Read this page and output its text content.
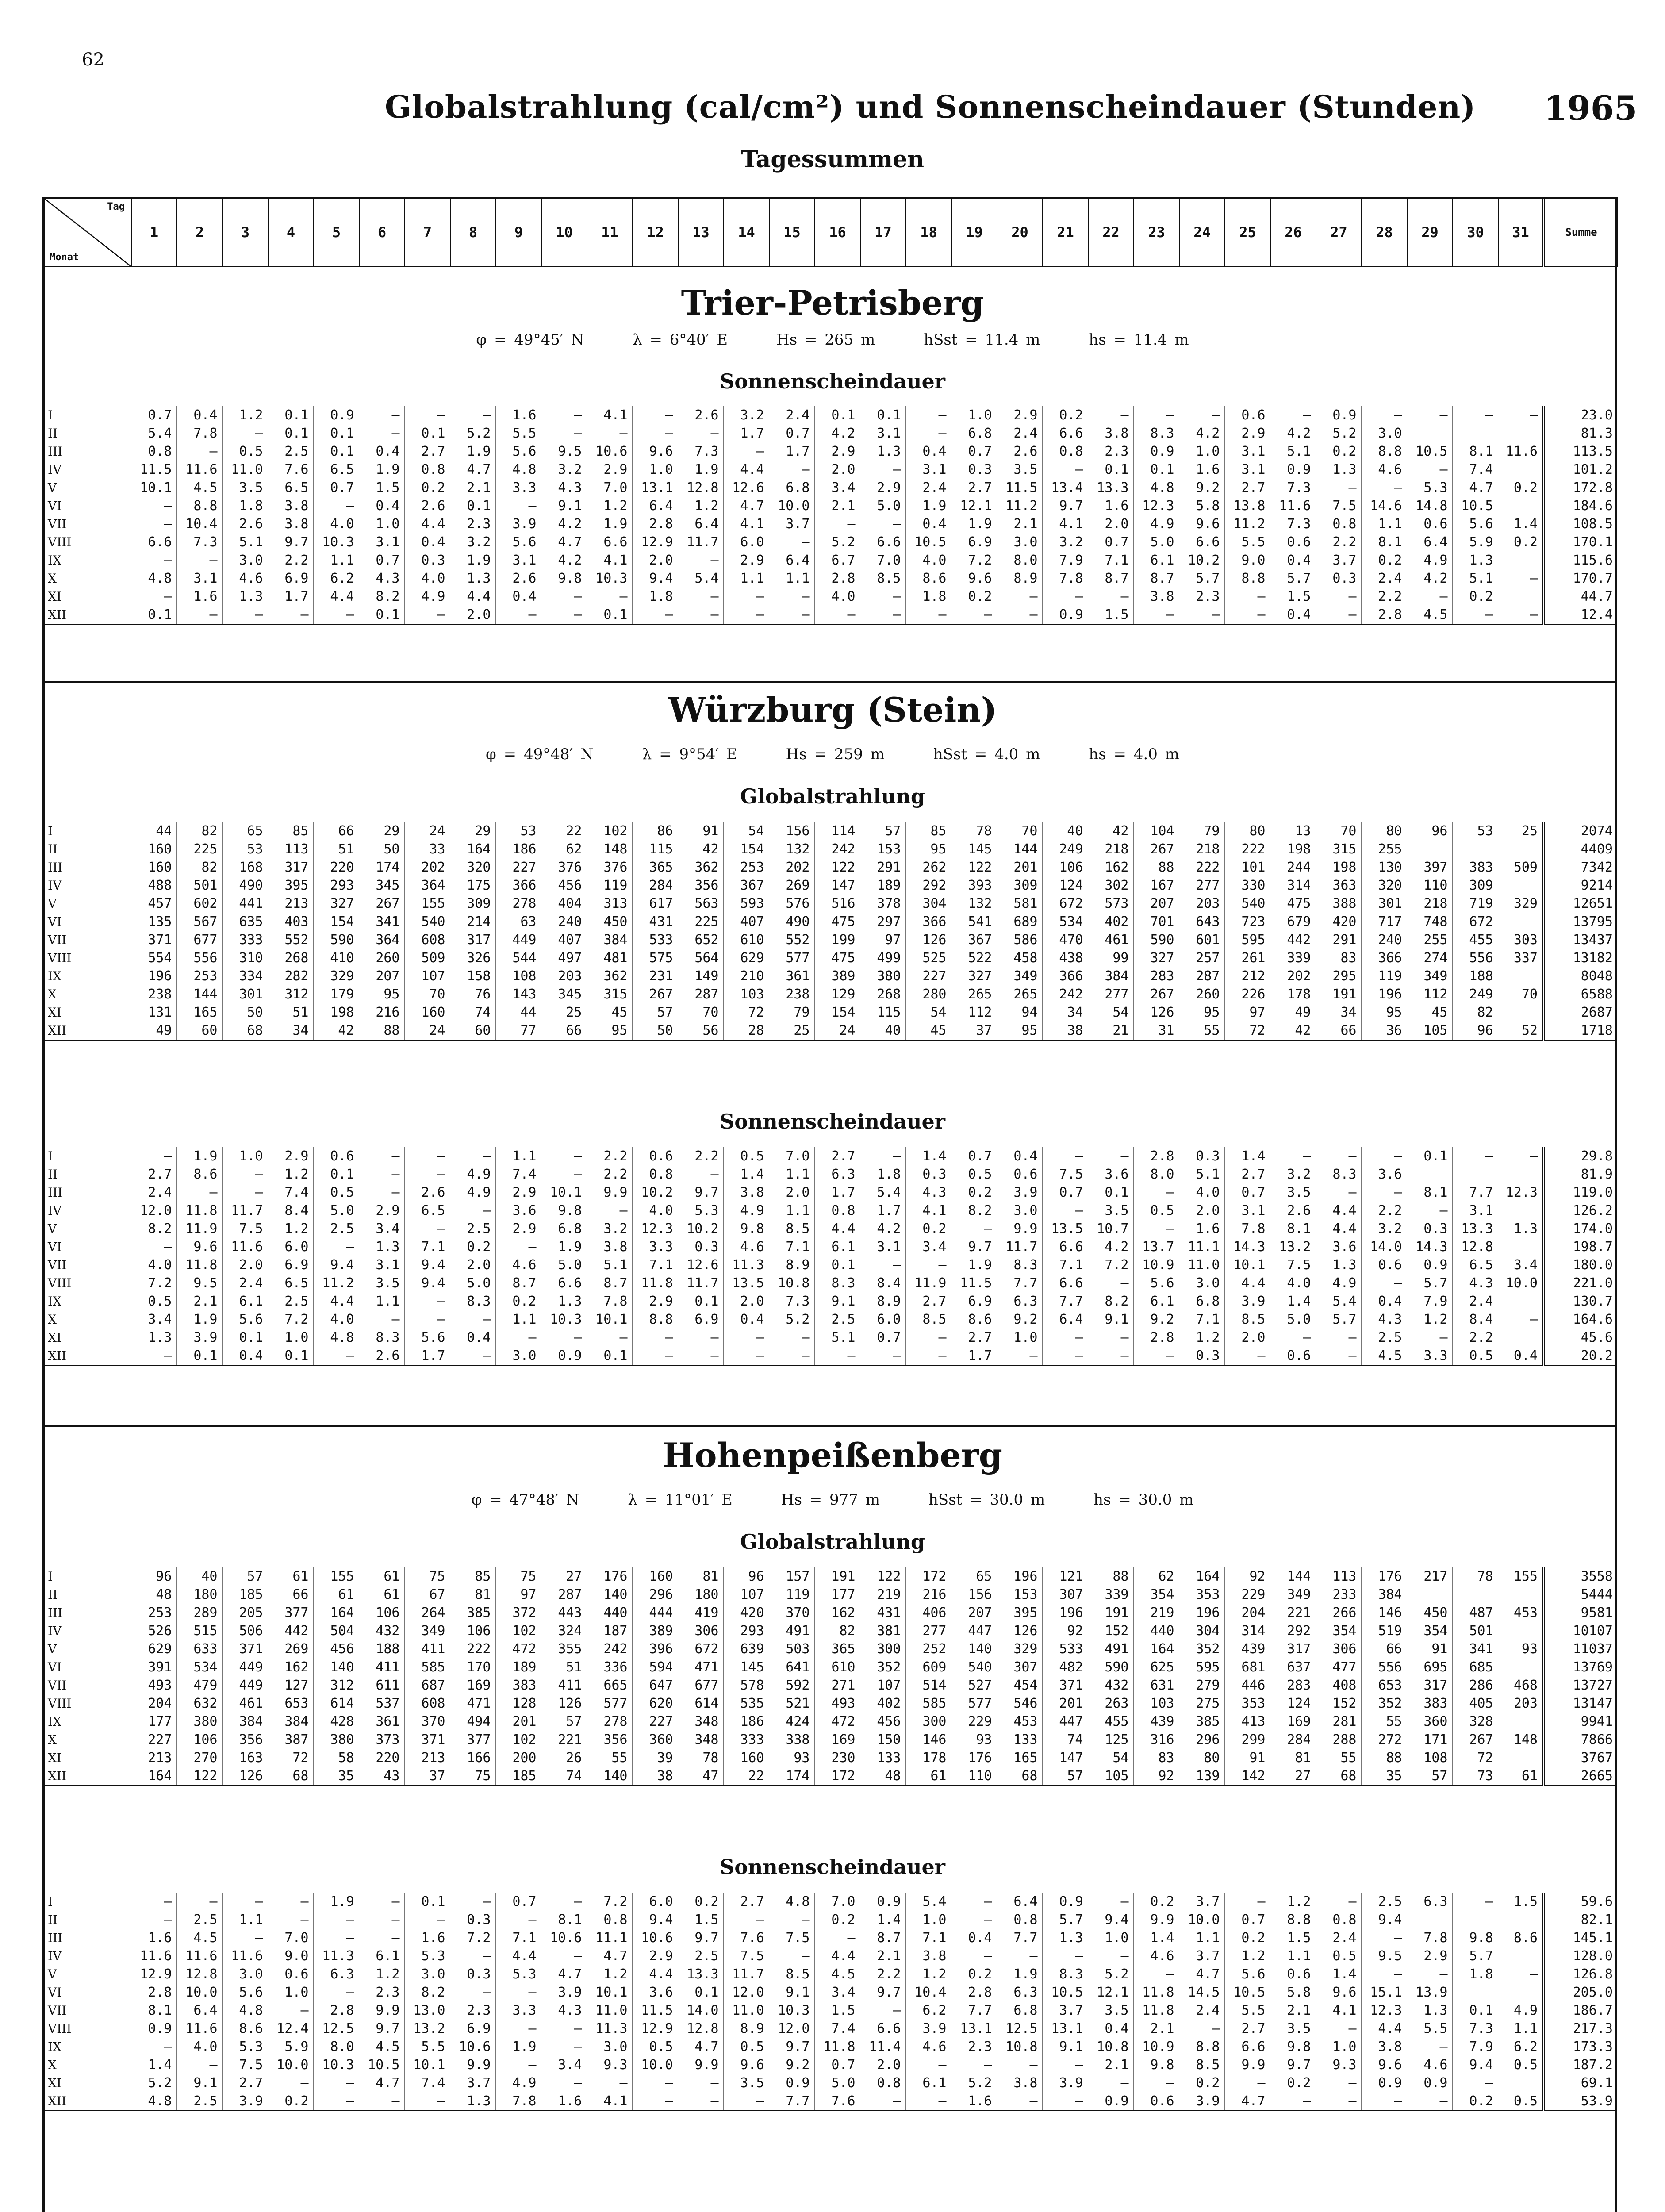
62
Globalstrahlung (cal/cm²) und Sonnenscheindauer (Stunden) 1965
Tagessummen
Tag
Monat
	1	2	3	4	5	6	7	8	9	10	11	12	13	14	15	16	17	18	19	20	21	22	23	24	25	26	27	28	29	30	31	Summe
Trier-Petrisberg
φ = 49°45′ N	λ = 6°40′ E	Hs = 265 m	hSst = 11.4 m	hs = 11.4 m
Sonnenscheindauer
I	0.7	0.4	1.2	0.1	0.9	–	–	–	1.6	–	4.1	–	2.6	3.2	2.4	0.1	0.1	–	1.0	2.9	0.2	–	–	–	0.6	–	0.9	–	–	–	–	23.0
II	5.4	7.8	–	0.1	0.1	–	0.1	5.2	5.5	–	–	–	–	1.7	0.7	4.2	3.1	–	6.8	2.4	6.6	3.8	8.3	4.2	2.9	4.2	5.2	3.0				81.3
III	0.8	–	0.5	2.5	0.1	0.4	2.7	1.9	5.6	9.5	10.6	9.6	7.3	–	1.7	2.9	1.3	0.4	0.7	2.6	0.8	2.3	0.9	1.0	3.1	5.1	0.2	8.8	10.5	8.1	11.6	113.5
IV	11.5	11.6	11.0	7.6	6.5	1.9	0.8	4.7	4.8	3.2	2.9	1.0	1.9	4.4	–	2.0	–	3.1	0.3	3.5	–	0.1	0.1	1.6	3.1	0.9	1.3	4.6	–	7.4		101.2
V	10.1	4.5	3.5	6.5	0.7	1.5	0.2	2.1	3.3	4.3	7.0	13.1	12.8	12.6	6.8	3.4	2.9	2.4	2.7	11.5	13.4	13.3	4.8	9.2	2.7	7.3	–	–	5.3	4.7	0.2	172.8
VI	–	8.8	1.8	3.8	–	0.4	2.6	0.1	–	9.1	1.2	6.4	1.2	4.7	10.0	2.1	5.0	1.9	12.1	11.2	9.7	1.6	12.3	5.8	13.8	11.6	7.5	14.6	14.8	10.5		184.6
VII	–	10.4	2.6	3.8	4.0	1.0	4.4	2.3	3.9	4.2	1.9	2.8	6.4	4.1	3.7	–	–	0.4	1.9	2.1	4.1	2.0	4.9	9.6	11.2	7.3	0.8	1.1	0.6	5.6	1.4	108.5
VIII	6.6	7.3	5.1	9.7	10.3	3.1	0.4	3.2	5.6	4.7	6.6	12.9	11.7	6.0	–	5.2	6.6	10.5	6.9	3.0	3.2	0.7	5.0	6.6	5.5	0.6	2.2	8.1	6.4	5.9	0.2	170.1
IX	–	–	3.0	2.2	1.1	0.7	0.3	1.9	3.1	4.2	4.1	2.0	–	2.9	6.4	6.7	7.0	4.0	7.2	8.0	7.9	7.1	6.1	10.2	9.0	0.4	3.7	0.2	4.9	1.3		115.6
X	4.8	3.1	4.6	6.9	6.2	4.3	4.0	1.3	2.6	9.8	10.3	9.4	5.4	1.1	1.1	2.8	8.5	8.6	9.6	8.9	7.8	8.7	8.7	5.7	8.8	5.7	0.3	2.4	4.2	5.1	–	170.7
XI	–	1.6	1.3	1.7	4.4	8.2	4.9	4.4	0.4	–	–	1.8	–	–	–	4.0	–	1.8	0.2	–	–	–	3.8	2.3	–	1.5	–	2.2	–	0.2		44.7
XII	0.1	–	–	–	–	0.1	–	2.0	–	–	0.1	–	–	–	–	–	–	–	–	–	0.9	1.5	–	–	–	0.4	–	2.8	4.5	–	–	12.4
Würzburg (Stein)
φ = 49°48′ N	λ = 9°54′ E	Hs = 259 m	hSst = 4.0 m	hs = 4.0 m
Globalstrahlung
I	44	82	65	85	66	29	24	29	53	22	102	86	91	54	156	114	57	85	78	70	40	42	104	79	80	13	70	80	96	53	25	2074
II	160	225	53	113	51	50	33	164	186	62	148	115	42	154	132	242	153	95	145	144	249	218	267	218	222	198	315	255				4409
III	160	82	168	317	220	174	202	320	227	376	376	365	362	253	202	122	291	262	122	201	106	162	88	222	101	244	198	130	397	383	509	7342
IV	488	501	490	395	293	345	364	175	366	456	119	284	356	367	269	147	189	292	393	309	124	302	167	277	330	314	363	320	110	309		9214
V	457	602	441	213	327	267	155	309	278	404	313	617	563	593	576	516	378	304	132	581	672	573	207	203	540	475	388	301	218	719	329	12651
VI	135	567	635	403	154	341	540	214	63	240	450	431	225	407	490	475	297	366	541	689	534	402	701	643	723	679	420	717	748	672		13795
VII	371	677	333	552	590	364	608	317	449	407	384	533	652	610	552	199	97	126	367	586	470	461	590	601	595	442	291	240	255	455	303	13437
VIII	554	556	310	268	410	260	509	326	544	497	481	575	564	629	577	475	499	525	522	458	438	99	327	257	261	339	83	366	274	556	337	13182
IX	196	253	334	282	329	207	107	158	108	203	362	231	149	210	361	389	380	227	327	349	366	384	283	287	212	202	295	119	349	188		8048
X	238	144	301	312	179	95	70	76	143	345	315	267	287	103	238	129	268	280	265	265	242	277	267	260	226	178	191	196	112	249	70	6588
XI	131	165	50	51	198	216	160	74	44	25	45	57	70	72	79	154	115	54	112	94	34	54	126	95	97	49	34	95	45	82		2687
XII	49	60	68	34	42	88	24	60	77	66	95	50	56	28	25	24	40	45	37	95	38	21	31	55	72	42	66	36	105	96	52	1718
Sonnenscheindauer
I	–	1.9	1.0	2.9	0.6	–	–	–	1.1	–	2.2	0.6	2.2	0.5	7.0	2.7	–	1.4	0.7	0.4	–	–	2.8	0.3	1.4	–	–	–	0.1	–	–	29.8
II	2.7	8.6	–	1.2	0.1	–	–	4.9	7.4	–	2.2	0.8	–	1.4	1.1	6.3	1.8	0.3	0.5	0.6	7.5	3.6	8.0	5.1	2.7	3.2	8.3	3.6				81.9
III	2.4	–	–	7.4	0.5	–	2.6	4.9	2.9	10.1	9.9	10.2	9.7	3.8	2.0	1.7	5.4	4.3	0.2	3.9	0.7	0.1	–	4.0	0.7	3.5	–	–	8.1	7.7	12.3	119.0
IV	12.0	11.8	11.7	8.4	5.0	2.9	6.5	–	3.6	9.8	–	4.0	5.3	4.9	1.1	0.8	1.7	4.1	8.2	3.0	–	3.5	0.5	2.0	3.1	2.6	4.4	2.2	–	3.1		126.2
V	8.2	11.9	7.5	1.2	2.5	3.4	–	2.5	2.9	6.8	3.2	12.3	10.2	9.8	8.5	4.4	4.2	0.2	–	9.9	13.5	10.7	–	1.6	7.8	8.1	4.4	3.2	0.3	13.3	1.3	174.0
VI	–	9.6	11.6	6.0	–	1.3	7.1	0.2	–	1.9	3.8	3.3	0.3	4.6	7.1	6.1	3.1	3.4	9.7	11.7	6.6	4.2	13.7	11.1	14.3	13.2	3.6	14.0	14.3	12.8		198.7
VII	4.0	11.8	2.0	6.9	9.4	3.1	9.4	2.0	4.6	5.0	5.1	7.1	12.6	11.3	8.9	0.1	–	–	1.9	8.3	7.1	7.2	10.9	11.0	10.1	7.5	1.3	0.6	0.9	6.5	3.4	180.0
VIII	7.2	9.5	2.4	6.5	11.2	3.5	9.4	5.0	8.7	6.6	8.7	11.8	11.7	13.5	10.8	8.3	8.4	11.9	11.5	7.7	6.6	–	5.6	3.0	4.4	4.0	4.9	–	5.7	4.3	10.0	221.0
IX	0.5	2.1	6.1	2.5	4.4	1.1	–	8.3	0.2	1.3	7.8	2.9	0.1	2.0	7.3	9.1	8.9	2.7	6.9	6.3	7.7	8.2	6.1	6.8	3.9	1.4	5.4	0.4	7.9	2.4		130.7
X	3.4	1.9	5.6	7.2	4.0	–	–	–	1.1	10.3	10.1	8.8	6.9	0.4	5.2	2.5	6.0	8.5	8.6	9.2	6.4	9.1	9.2	7.1	8.5	5.0	5.7	4.3	1.2	8.4	–	164.6
XI	1.3	3.9	0.1	1.0	4.8	8.3	5.6	0.4	–	–	–	–	–	–	–	5.1	0.7	–	2.7	1.0	–	–	2.8	1.2	2.0	–	–	2.5	–	2.2		45.6
XII	–	0.1	0.4	0.1	–	2.6	1.7	–	3.0	0.9	0.1	–	–	–	–	–	–	–	1.7	–	–	–	–	0.3	–	0.6	–	4.5	3.3	0.5	0.4	20.2
Hohenpeißenberg
φ = 47°48′ N	λ = 11°01′ E	Hs = 977 m	hSst = 30.0 m	hs = 30.0 m
Globalstrahlung
I	96	40	57	61	155	61	75	85	75	27	176	160	81	96	157	191	122	172	65	196	121	88	62	164	92	144	113	176	217	78	155	3558
II	48	180	185	66	61	61	67	81	97	287	140	296	180	107	119	177	219	216	156	153	307	339	354	353	229	349	233	384				5444
III	253	289	205	377	164	106	264	385	372	443	440	444	419	420	370	162	431	406	207	395	196	191	219	196	204	221	266	146	450	487	453	9581
IV	526	515	506	442	504	432	349	106	102	324	187	389	306	293	491	82	381	277	447	126	92	152	440	304	314	292	354	519	354	501		10107
V	629	633	371	269	456	188	411	222	472	355	242	396	672	639	503	365	300	252	140	329	533	491	164	352	439	317	306	66	91	341	93	11037
VI	391	534	449	162	140	411	585	170	189	51	336	594	471	145	641	610	352	609	540	307	482	590	625	595	681	637	477	556	695	685		13769
VII	493	479	449	127	312	611	687	169	383	411	665	647	677	578	592	271	107	514	527	454	371	432	631	279	446	283	408	653	317	286	468	13727
VIII	204	632	461	653	614	537	608	471	128	126	577	620	614	535	521	493	402	585	577	546	201	263	103	275	353	124	152	352	383	405	203	13147
IX	177	380	384	384	428	361	370	494	201	57	278	227	348	186	424	472	456	300	229	453	447	455	439	385	413	169	281	55	360	328		9941
X	227	106	356	387	380	373	371	377	102	221	356	360	348	333	338	169	150	146	93	133	74	125	316	296	299	284	288	272	171	267	148	7866
XI	213	270	163	72	58	220	213	166	200	26	55	39	78	160	93	230	133	178	176	165	147	54	83	80	91	81	55	88	108	72		3767
XII	164	122	126	68	35	43	37	75	185	74	140	38	47	22	174	172	48	61	110	68	57	105	92	139	142	27	68	35	57	73	61	2665
Sonnenscheindauer
I	–	–	–	–	1.9	–	0.1	–	0.7	–	7.2	6.0	0.2	2.7	4.8	7.0	0.9	5.4	–	6.4	0.9	–	0.2	3.7	–	1.2	–	2.5	6.3	–	1.5	59.6
II	–	2.5	1.1	–	–	–	–	0.3	–	8.1	0.8	9.4	1.5	–	–	0.2	1.4	1.0	–	0.8	5.7	9.4	9.9	10.0	0.7	8.8	0.8	9.4				82.1
III	1.6	4.5	–	7.0	–	–	1.6	7.2	7.1	10.6	11.1	10.6	9.7	7.6	7.5	–	8.7	7.1	0.4	7.7	1.3	1.0	1.4	1.1	0.2	1.5	2.4	–	7.8	9.8	8.6	145.1
IV	11.6	11.6	11.6	9.0	11.3	6.1	5.3	–	4.4	–	4.7	2.9	2.5	7.5	–	4.4	2.1	3.8	–	–	–	–	4.6	3.7	1.2	1.1	0.5	9.5	2.9	5.7		128.0
V	12.9	12.8	3.0	0.6	6.3	1.2	3.0	0.3	5.3	4.7	1.2	4.4	13.3	11.7	8.5	4.5	2.2	1.2	0.2	1.9	8.3	5.2	–	4.7	5.6	0.6	1.4	–	–	1.8	–	126.8
VI	2.8	10.0	5.6	1.0	–	2.3	8.2	–	–	3.9	10.1	3.6	0.1	12.0	9.1	3.4	9.7	10.4	2.8	6.3	10.5	12.1	11.8	14.5	10.5	5.8	9.6	15.1	13.9			205.0
VII	8.1	6.4	4.8	–	2.8	9.9	13.0	2.3	3.3	4.3	11.0	11.5	14.0	11.0	10.3	1.5	–	6.2	7.7	6.8	3.7	3.5	11.8	2.4	5.5	2.1	4.1	12.3	1.3	0.1	4.9	186.7
VIII	0.9	11.6	8.6	12.4	12.5	9.7	13.2	6.9	–	–	11.3	12.9	12.8	8.9	12.0	7.4	6.6	3.9	13.1	12.5	13.1	0.4	2.1	–	2.7	3.5	–	4.4	5.5	7.3	1.1	217.3
IX	–	4.0	5.3	5.9	8.0	4.5	5.5	10.6	1.9	–	3.0	0.5	4.7	0.5	9.7	11.8	11.4	4.6	2.3	10.8	9.1	10.8	10.9	8.8	6.6	9.8	1.0	3.8	–	7.9	6.2	173.3
X	1.4	–	7.5	10.0	10.3	10.5	10.1	9.9	–	3.4	9.3	10.0	9.9	9.6	9.2	0.7	2.0	–	–	–	–	2.1	9.8	8.5	9.9	9.7	9.3	9.6	4.6	9.4	0.5	187.2
XI	5.2	9.1	2.7	–	–	4.7	7.4	3.7	4.9	–	–	–	–	3.5	0.9	5.0	0.8	6.1	5.2	3.8	3.9	–	–	0.2	–	0.2	–	0.9	0.9	–		69.1
XII	4.8	2.5	3.9	0.2	–	–	–	1.3	7.8	1.6	4.1	–	–	–	7.7	7.6	–	–	1.6	–	–	0.9	0.6	3.9	4.7	–	–	–	–	0.2	0.5	53.9
